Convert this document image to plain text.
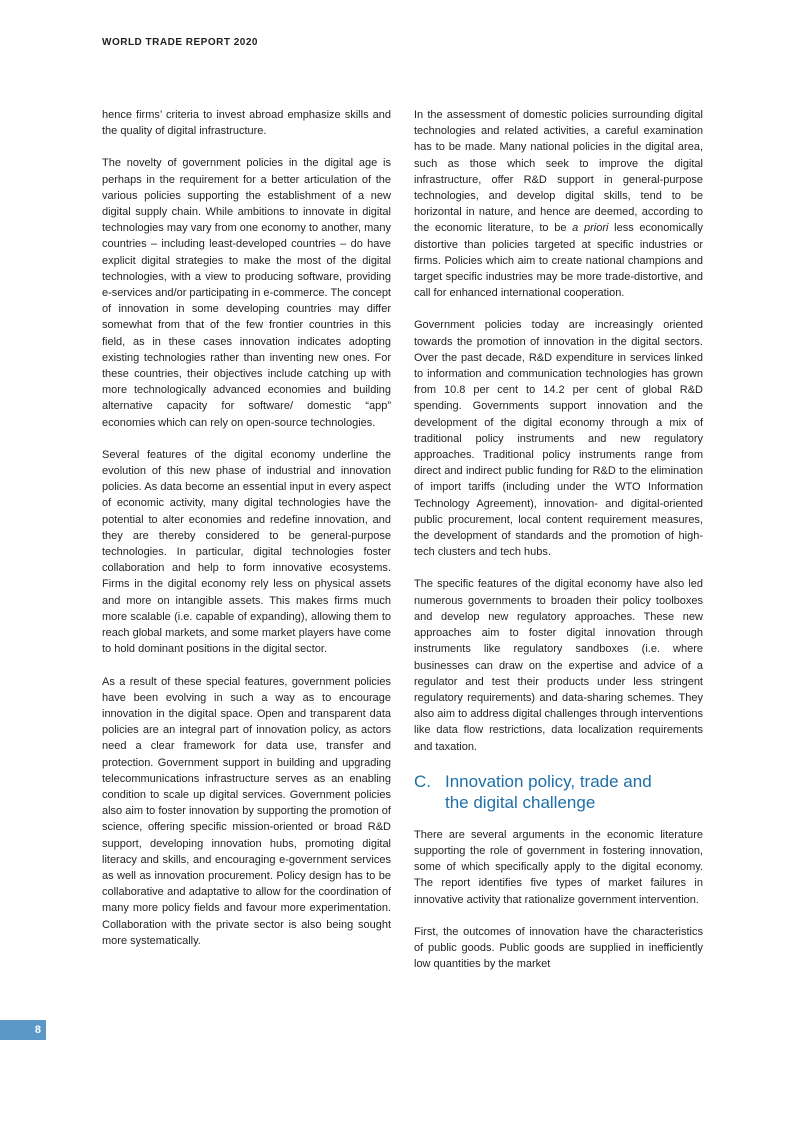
WORLD TRADE REPORT 2020

hence firms’ criteria to invest abroad emphasize skills and the quality of digital infrastructure.

The novelty of government policies in the digital age is perhaps in the requirement for a better articulation of the various policies supporting the establishment of a new digital supply chain. While ambitions to innovate in digital technologies may vary from one economy to another, many countries – including least-developed countries – do have explicit digital strategies to make the most of the digital technologies, with a view to producing software, providing e-services and/or participating in e-commerce. The concept of innovation in some developing countries may differ somewhat from that of the few frontier countries in this field, as in these cases innovation indicates adopting existing technologies rather than inventing new ones. For these countries, their objectives include catching up with more technologically advanced economies and building alternative capacity for software/ domestic “app” economies which can rely on open-source technologies.

Several features of the digital economy underline the evolution of this new phase of industrial and innovation policies. As data become an essential input in every aspect of economic activity, many digital technologies have the potential to alter economies and redefine innovation, and they are thereby considered to be general-purpose technologies. In particular, digital technologies foster collaboration and help to form innovative ecosystems. Firms in the digital economy rely less on physical assets and more on intangible assets. This makes firms much more scalable (i.e. capable of expanding), allowing them to reach global markets, and some market players have come to hold dominant positions in the digital sector.

As a result of these special features, government policies have been evolving in such a way as to encourage innovation in the digital space. Open and transparent data policies are an integral part of innovation policy, as actors need a clear framework for data use, transfer and protection. Government support in building and upgrading telecommunications infrastructure serves as an enabling condition to scale up digital services. Government policies also aim to foster innovation by supporting the promotion of science, offering specific mission-oriented or broad R&D support, developing innovation hubs, promoting digital literacy and skills, and encouraging e-government services as well as innovation procurement. Policy design has to be collaborative and adaptative to allow for the coordination of many more policy fields and favour more experimentation. Collaboration with the private sector is also being sought more systematically.

In the assessment of domestic policies surrounding digital technologies and related activities, a careful examination has to be made. Many national policies in the digital area, such as those which seek to improve the digital infrastructure, offer R&D support in general-purpose technologies, and develop digital skills, tend to be horizontal in nature, and hence are deemed, according to the economic literature, to be a priori less economically distortive than policies targeted at specific industries or firms. Policies which aim to create national champions and target specific industries may be more trade-distortive, and call for enhanced international cooperation.

Government policies today are increasingly oriented towards the promotion of innovation in the digital sectors. Over the past decade, R&D expenditure in services linked to information and communication technologies has grown from 10.8 per cent to 14.2 per cent of global R&D spending. Governments support innovation and the development of the digital economy through a mix of traditional policy instruments and new regulatory approaches. Traditional policy instruments range from direct and indirect public funding for R&D to the elimination of import tariffs (including under the WTO Information Technology Agreement), innovation- and digital-oriented public procurement, local content requirement measures, the development of standards and the promotion of high-tech clusters and tech hubs.

The specific features of the digital economy have also led numerous governments to broaden their policy toolboxes and develop new regulatory approaches. These new approaches aim to foster digital innovation through instruments like regulatory sandboxes (i.e. where businesses can draw on the expertise and advice of a regulator and test their products under less stringent regulatory requirements) and data-sharing schemes. They also aim to address digital challenges through interventions like data flow restrictions, data localization requirements and taxation.

C. Innovation policy, trade and
the digital challenge

There are several arguments in the economic literature supporting the role of government in fostering innovation, some of which specifically apply to the digital economy. The report identifies five types of market failures in innovative activity that rationalize government intervention.

First, the outcomes of innovation have the characteristics of public goods. Public goods are supplied in inefficiently low quantities by the market

8
